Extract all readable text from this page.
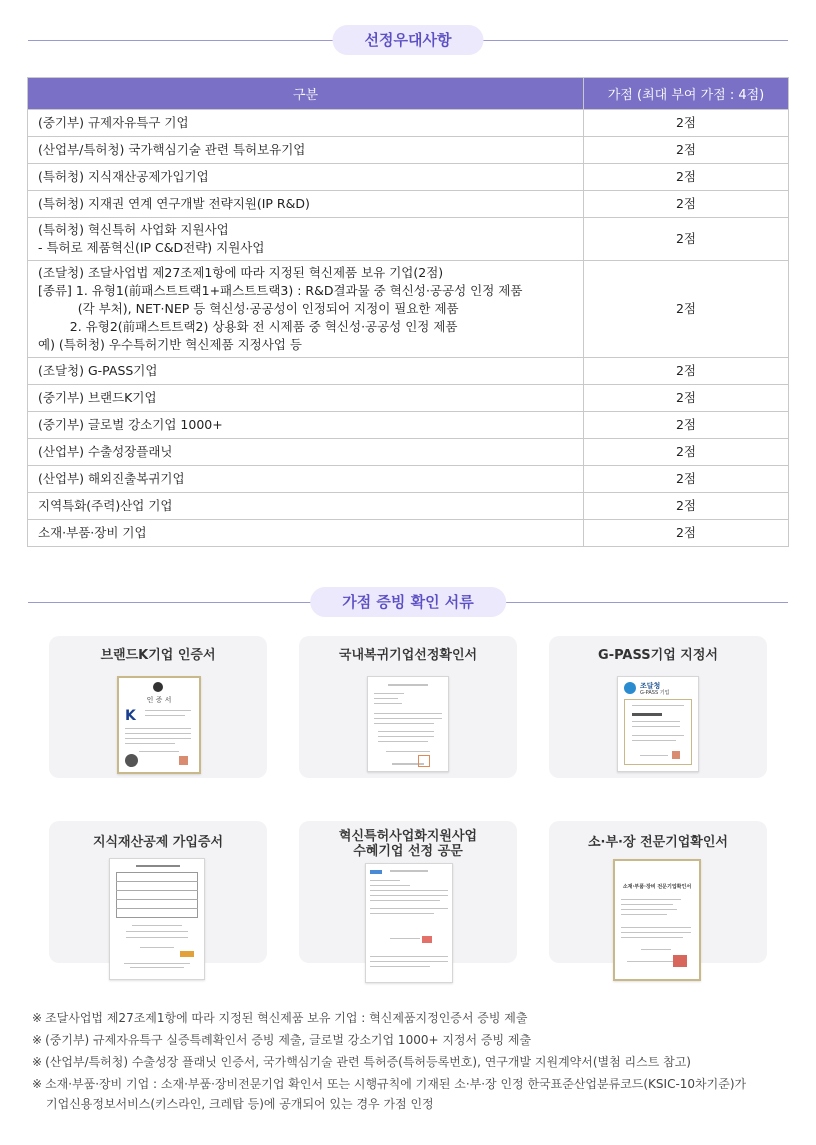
선정우대사항
구분	가점 (최대 부여 가점 : 4점)

(중기부) 규제자유특구 기업	2점

(산업부/특허청) 국가핵심기술 관련 특허보유기업	2점

(특허청) 지식재산공제가입기업	2점

(특허청) 지재권 연계 연구개발 전략지원(IP R&D)	2점

(특허청) 혁신특허 사업화 지원사업
- 특허로 제품혁신(IP C&D전략) 지원사업	2점

(조달청) 조달사업법 제27조제1항에 따라 지정된 혁신제품 보유 기업(2점)
[종류] 1. 유형1(前패스트트랙1+패스트트랙3) : R&D결과물 중 혁신성·공공성 인정 제품
(각 부처), NET·NEP 등 혁신성·공공성이 인정되어 지정이 필요한 제품
2. 유형2(前패스트트랙2) 상용화 전 시제품 중 혁신성·공공성 인정 제품
예) (특허청) 우수특허기반 혁신제품 지정사업 등	2점

(조달청) G-PASS기업	2점

(중기부) 브랜드K기업	2점

(중기부) 글로벌 강소기업 1000+	2점

(산업부) 수출성장플래닛	2점

(산업부) 해외진출복귀기업	2점

지역특화(주력)산업 기업	2점

소재·부품·장비 기업	2점
가점 증빙 확인 서류
브랜드K기업 인증서
인 증 서
K
국내복귀기업선정확인서	G-PASS기업 지정서
조달청
G-PASS 기업
지식재산공제 가입증서	혁신특허사업화지원사업
수혜기업 선정 공문
소·부·장 전문기업확인서
소재·부품·장비 전문기업확인서

※ 조달사업법 제27조제1항에 따라 지정된 혁신제품 보유 기업 : 혁신제품지정인증서 증빙 제출

※ (중기부) 규제자유특구 실증특례확인서 증빙 제출, 글로벌 강소기업 1000+ 지정서 증빙 제출

※ (산업부/특허청) 수출성장 플래닛 인증서, 국가핵심기술 관련 특허증(특허등록번호), 연구개발 지원계약서(별첨 리스트 참고)

※ 소재·부품·장비 기업 : 소재·부품·장비전문기업 확인서 또는 시행규칙에 기재된 소·부·장 인정 한국표준산업분류코드(KSIC-10차기준)가
기업신용정보서비스(키스라인, 크레탑 등)에 공개되어 있는 경우 가점 인정
